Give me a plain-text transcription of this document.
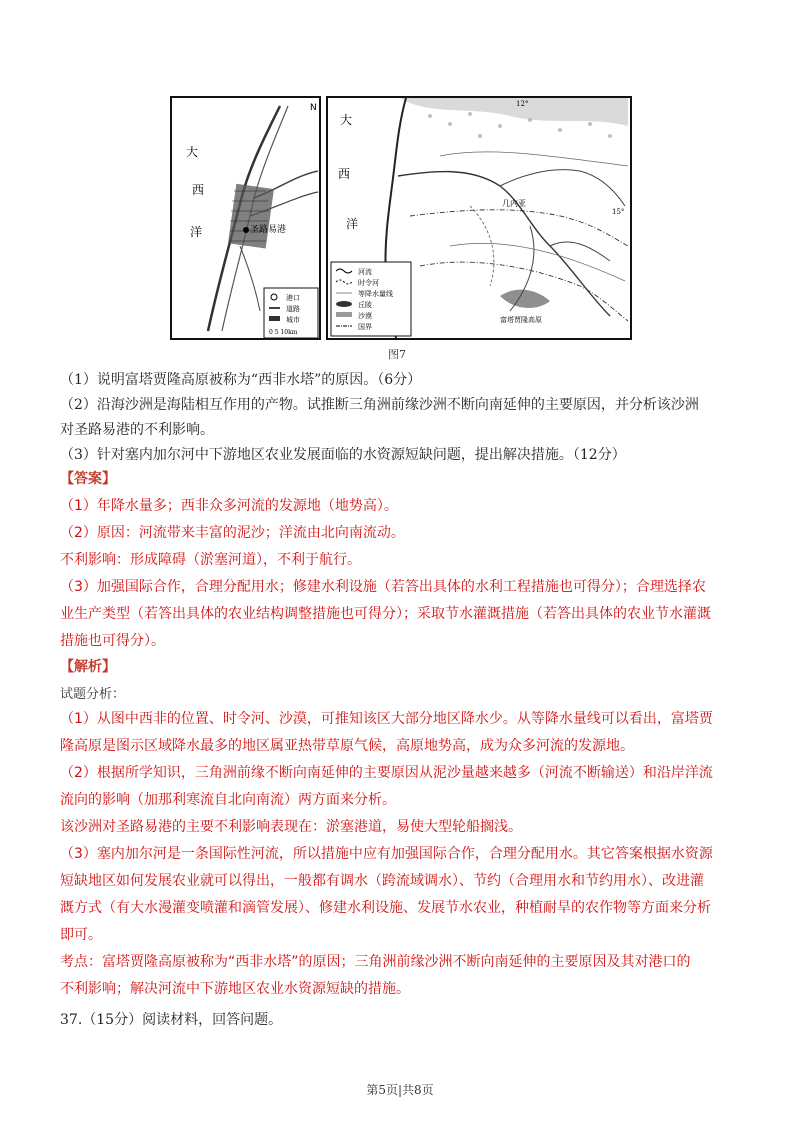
N
大
西
洋	圣路易港
港口
道路
城市
0 5 10km
大
西
洋
几内亚
富塔贾隆高原
15°
12°
河流
时令河
等降水量线
丘陵
沙漠
国界
图7
（1）说明富塔贾隆高原被称为“西非水塔”的原因。（6分）
（2）沿海沙洲是海陆相互作用的产物。试推断三角洲前缘沙洲不断向南延伸的主要原因，并分析该沙洲
对圣路易港的不利影响。
（3）针对塞内加尔河中下游地区农业发展面临的水资源短缺问题，提出解决措施。（12分）
【答案】
（1）年降水量多；西非众多河流的发源地（地势高）。
（2）原因：河流带来丰富的泥沙；洋流由北向南流动。
不利影响：形成障碍（淤塞河道），不利于航行。
（3）加强国际合作，合理分配用水；修建水利设施（若答出具体的水利工程措施也可得分）；合理选择农
业生产类型（若答出具体的农业结构调整措施也可得分）；采取节水灌溉措施（若答出具体的农业节水灌溉
措施也可得分）。
【解析】
试题分析：
（1）从图中西非的位置、时令河、沙漠，可推知该区大部分地区降水少。从等降水量线可以看出，富塔贾
隆高原是图示区域降水最多的地区属亚热带草原气候，高原地势高，成为众多河流的发源地。
（2）根据所学知识，三角洲前缘不断向南延伸的主要原因从泥沙量越来越多（河流不断输送）和沿岸洋流
流向的影响（加那利寒流自北向南流）两方面来分析。
该沙洲对圣路易港的主要不利影响表现在：淤塞港道，易使大型轮船搁浅。
（3）塞内加尔河是一条国际性河流，所以措施中应有加强国际合作，合理分配用水。其它答案根据水资源
短缺地区如何发展农业就可以得出，一般都有调水（跨流域调水）、节约（合理用水和节约用水）、改进灌
溉方式（有大水漫灌变喷灌和滴管发展）、修建水利设施、发展节水农业，种植耐旱的农作物等方面来分析
即可。
考点：富塔贾隆高原被称为“西非水塔”的原因；三角洲前缘沙洲不断向南延伸的主要原因及其对港口的
不利影响；解决河流中下游地区农业水资源短缺的措施。
37.（15分）阅读材料，回答问题。
第5页|共8页
